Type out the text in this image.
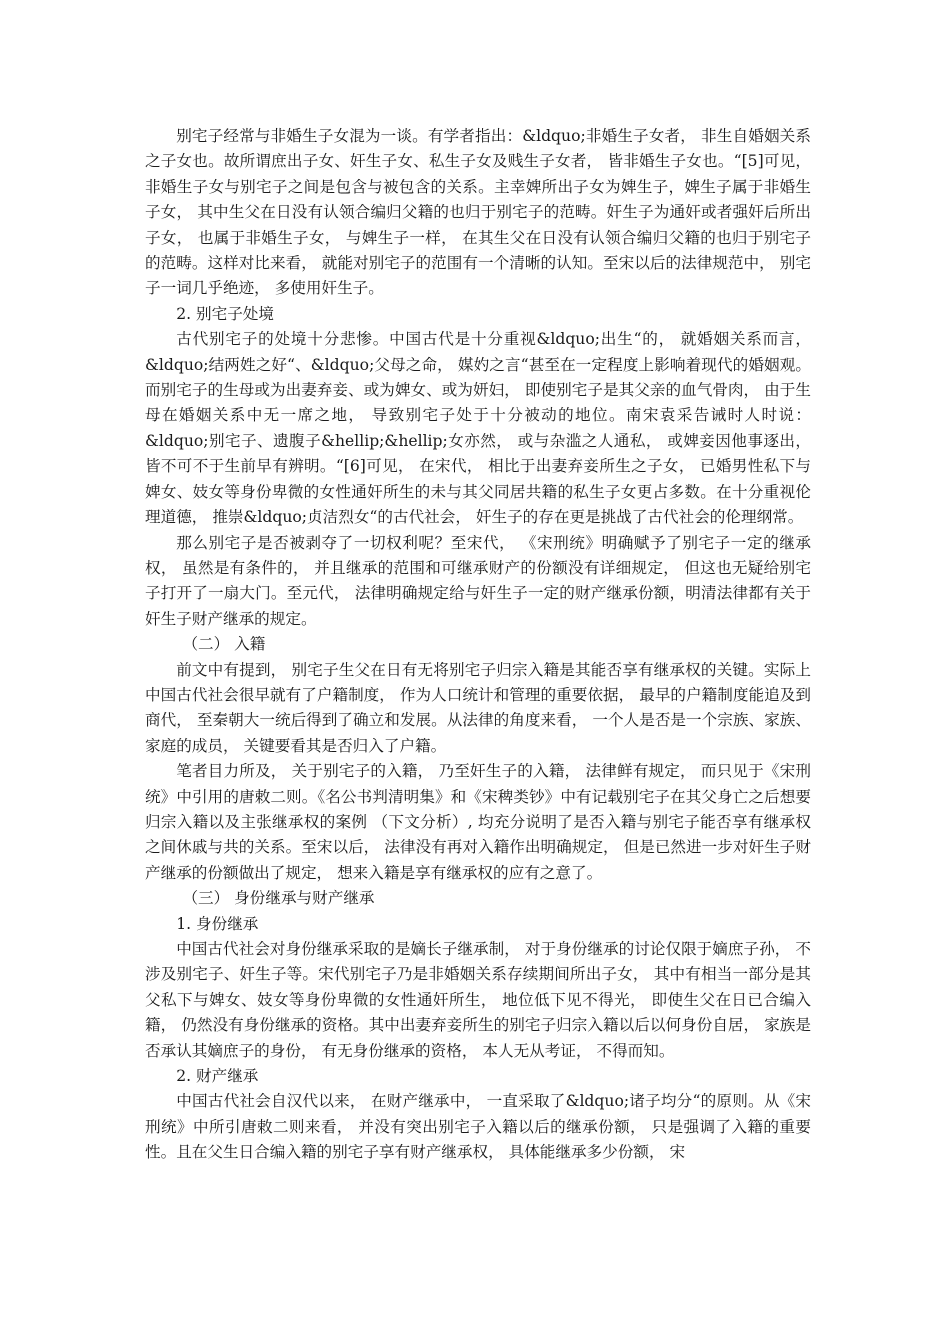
别宅子经常与非婚生子女混为一谈。有学者指出：&ldquo;非婚生子女者， 非生自婚姻关系之子女也。故所谓庶出子女、奸生子女、私生子女及贱生子女者， 皆非婚生子女也。“[5]可见， 非婚生子女与别宅子之间是包含与被包含的关系。主幸婢所出子女为婢生子，婢生子属于非婚生子女， 其中生父在日没有认领合编归父籍的也归于别宅子的范畴。奸生子为通奸或者强奸后所出子女， 也属于非婚生子女， 与婢生子一样， 在其生父在日没有认领合编归父籍的也归于别宅子的范畴。这样对比来看， 就能对别宅子的范围有一个清晰的认知。至宋以后的法律规范中， 别宅子一词几乎绝迹， 多使用奸生子。

2. 别宅子处境

古代别宅子的处境十分悲惨。中国古代是十分重视&ldquo;出生“的， 就婚姻关系而言， &ldquo;结两姓之好“、&ldquo;父母之命， 媒妁之言“甚至在一定程度上影响着现代的婚姻观。而别宅子的生母或为出妻弃妾、或为婢女、或为妍妇， 即使别宅子是其父亲的血气骨肉， 由于生母在婚姻关系中无一席之地， 导致别宅子处于十分被动的地位。南宋袁采告诫时人时说：&ldquo;别宅子、遗腹子&hellip;&hellip;女亦然， 或与杂滥之人通私， 或婢妾因他事逐出， 皆不可不于生前早有辨明。“[6]可见， 在宋代， 相比于出妻弃妾所生之子女， 已婚男性私下与婢女、妓女等身份卑微的女性通奸所生的未与其父同居共籍的私生子女更占多数。在十分重视伦理道德， 推崇&ldquo;贞洁烈女“的古代社会， 奸生子的存在更是挑战了古代社会的伦理纲常。

那么别宅子是否被剥夺了一切权利呢？至宋代， 《宋刑统》明确赋予了别宅子一定的继承权， 虽然是有条件的， 并且继承的范围和可继承财产的份额没有详细规定， 但这也无疑给别宅子打开了一扇大门。至元代， 法律明确规定给与奸生子一定的财产继承份额，明清法律都有关于奸生子财产继承的规定。

（二） 入籍

前文中有提到， 别宅子生父在日有无将别宅子归宗入籍是其能否享有继承权的关键。实际上中国古代社会很早就有了户籍制度， 作为人口统计和管理的重要依据， 最早的户籍制度能追及到商代， 至秦朝大一统后得到了确立和发展。从法律的角度来看， 一个人是否是一个宗族、家族、家庭的成员， 关键要看其是否归入了户籍。

笔者目力所及， 关于别宅子的入籍， 乃至奸生子的入籍， 法律鲜有规定， 而只见于《宋刑统》中引用的唐敕二则。《名公书判清明集》和《宋稗类钞》中有记载别宅子在其父身亡之后想要归宗入籍以及主张继承权的案例 （下文分析）, 均充分说明了是否入籍与别宅子能否享有继承权之间休戚与共的关系。至宋以后， 法律没有再对入籍作出明确规定， 但是已然进一步对奸生子财产继承的份额做出了规定， 想来入籍是享有继承权的应有之意了。

（三） 身份继承与财产继承

1. 身份继承

中国古代社会对身份继承采取的是嫡长子继承制， 对于身份继承的讨论仅限于嫡庶子孙， 不涉及别宅子、奸生子等。宋代别宅子乃是非婚姻关系存续期间所出子女， 其中有相当一部分是其父私下与婢女、妓女等身份卑微的女性通奸所生， 地位低下见不得光， 即使生父在日已合编入籍， 仍然没有身份继承的资格。其中出妻弃妾所生的别宅子归宗入籍以后以何身份自居， 家族是否承认其嫡庶子的身份， 有无身份继承的资格， 本人无从考证， 不得而知。

2. 财产继承

中国古代社会自汉代以来， 在财产继承中， 一直采取了&ldquo;诸子均分“的原则。从《宋刑统》中所引唐敕二则来看， 并没有突出别宅子入籍以后的继承份额， 只是强调了入籍的重要性。且在父生日合编入籍的别宅子享有财产继承权， 具体能继承多少份额， 宋
